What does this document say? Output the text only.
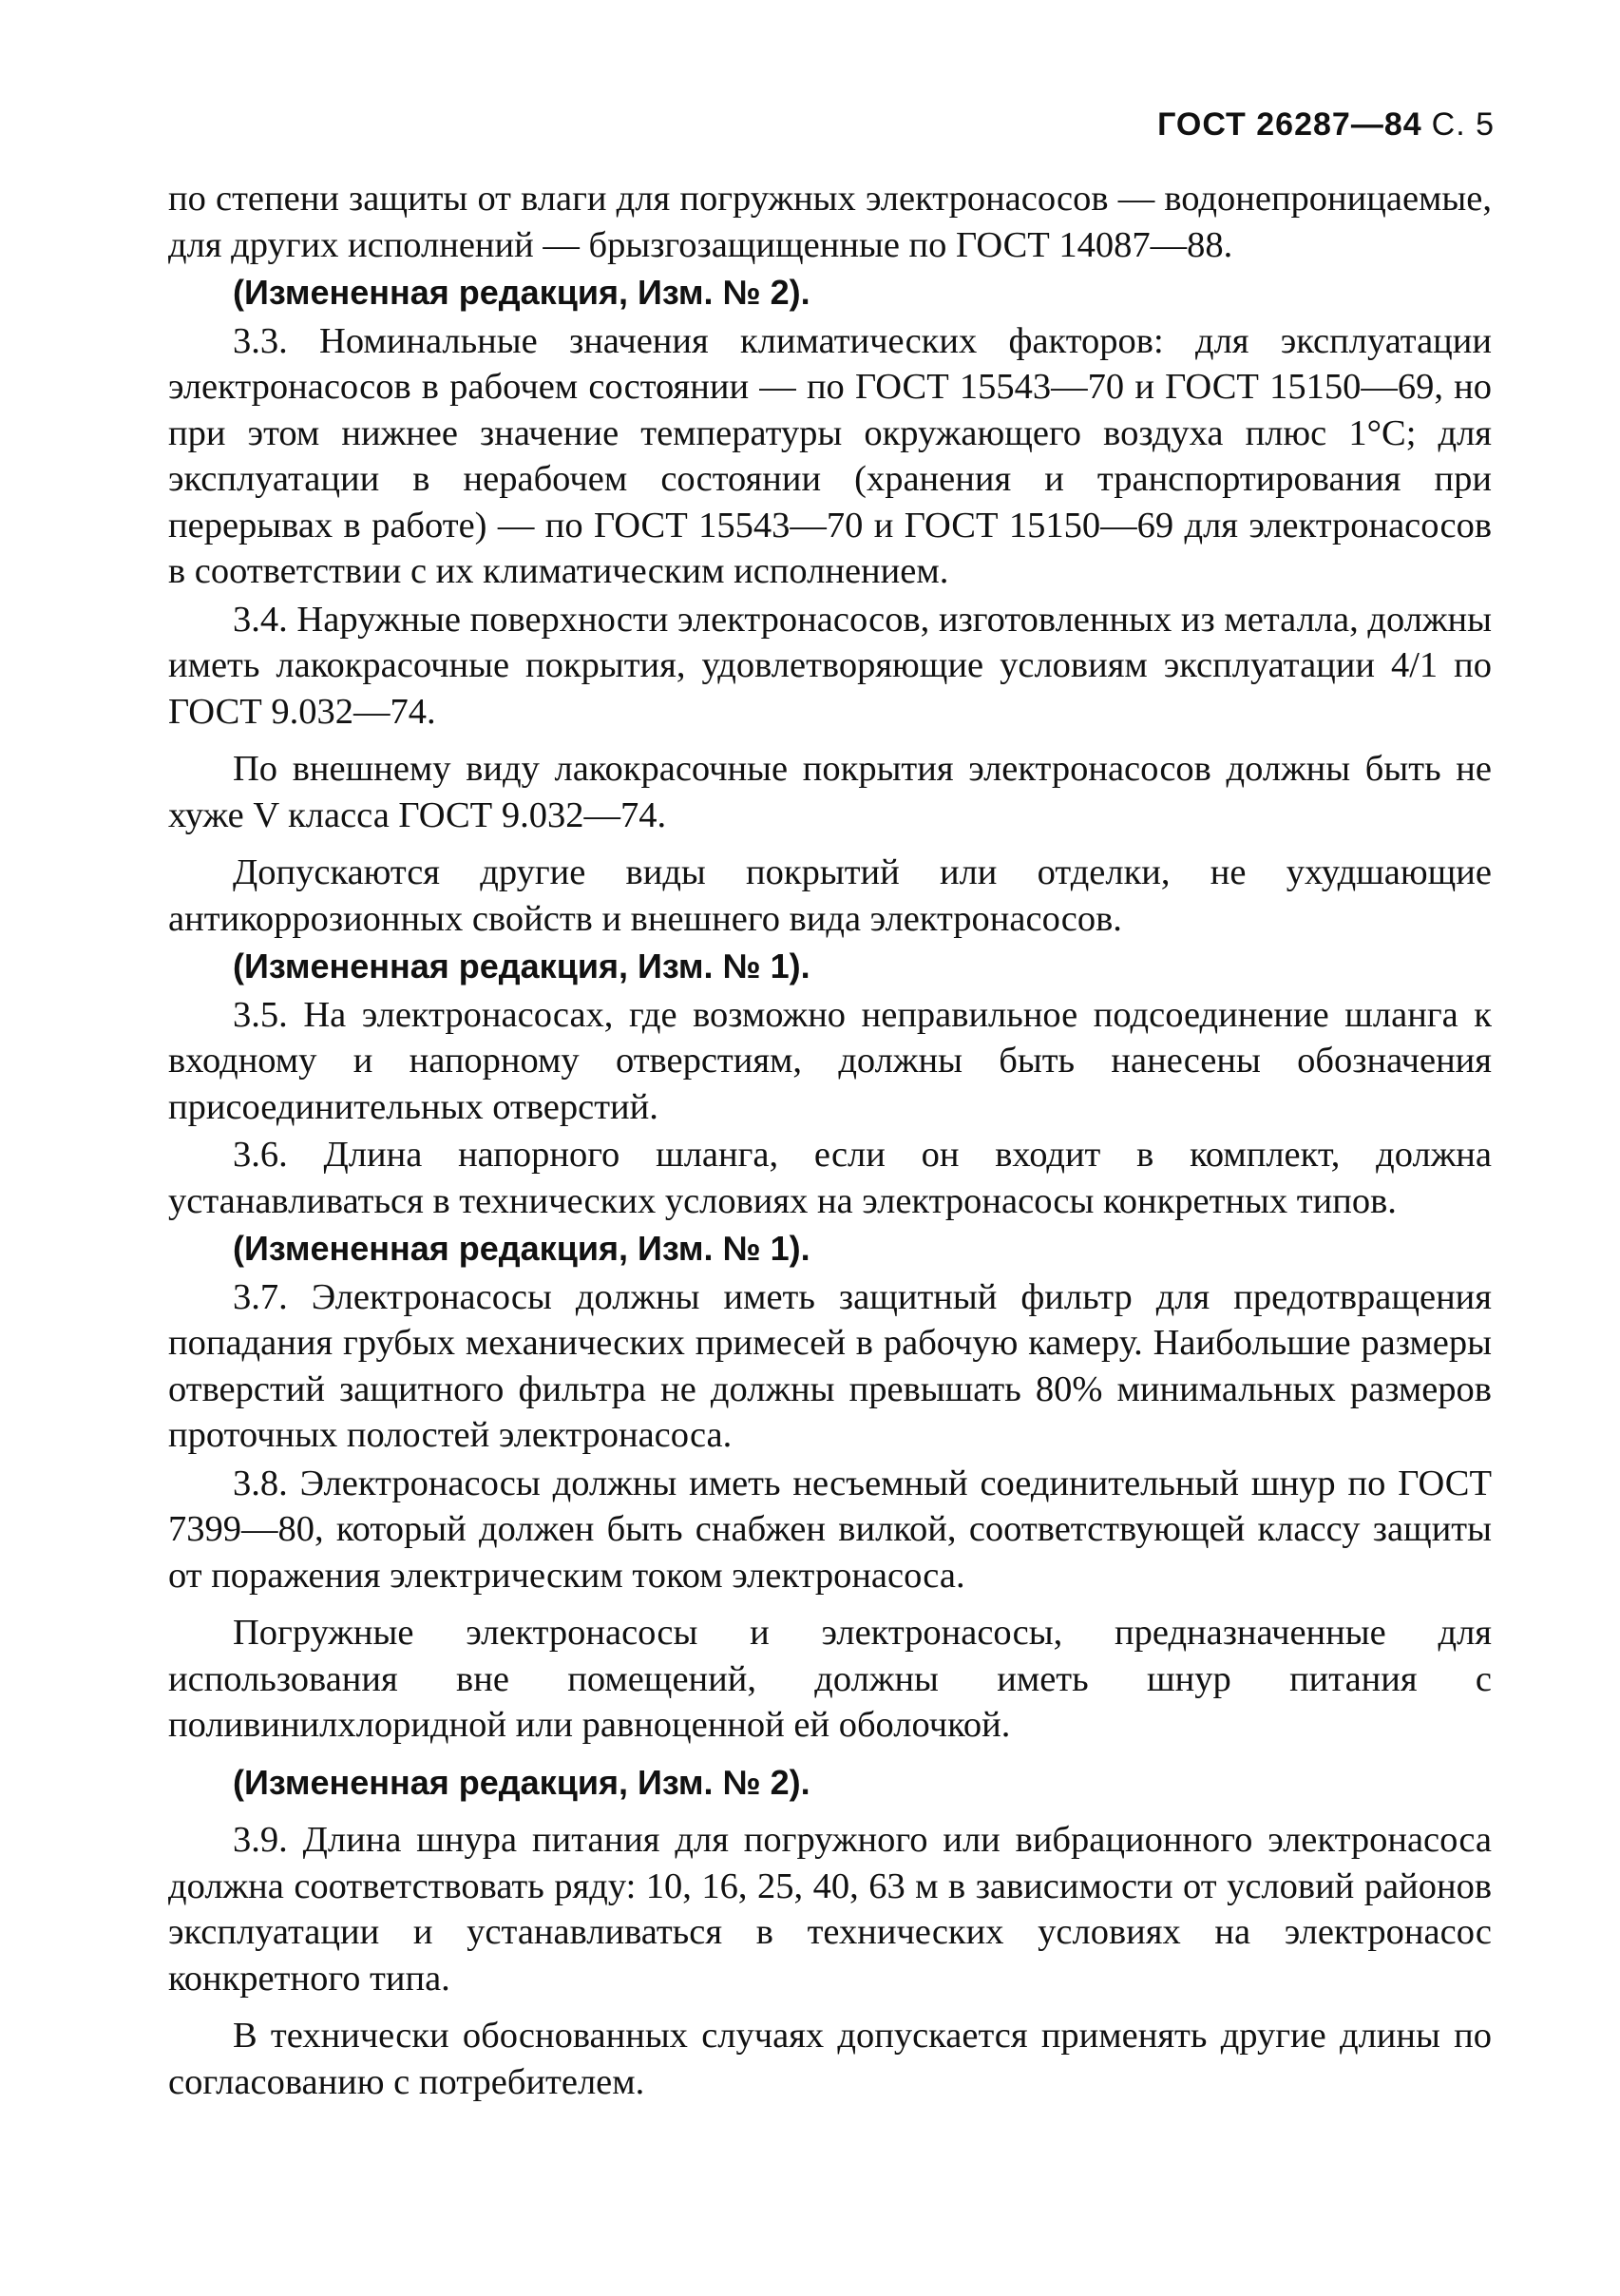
ГОСТ 26287—84 С. 5

по степени защиты от влаги для погружных электронасосов — водонепроницаемые, для других исполнений — брызгозащищенные по ГОСТ 14087—88.

(Измененная редакция, Изм. № 2).

3.3. Номинальные значения климатических факторов: для эксплуатации электронасосов в рабочем состоянии — по ГОСТ 15543—70 и ГОСТ 15150—69, но при этом нижнее значение температуры окружающего воздуха плюс 1°С; для эксплуатации в нерабочем состоянии (хранения и транспортирования при перерывах в работе) — по ГОСТ 15543—70 и ГОСТ 15150—69 для электронасосов в соответствии с их климатическим исполнением.

3.4. Наружные поверхности электронасосов, изготовленных из металла, должны иметь лакокрасочные покрытия, удовлетворяющие условиям эксплуатации 4/1 по ГОСТ 9.032—74.

По внешнему виду лакокрасочные покрытия электронасосов должны быть не хуже V класса ГОСТ 9.032—74.

Допускаются другие виды покрытий или отделки, не ухудшающие антикоррозионных свойств и внешнего вида электронасосов.

(Измененная редакция, Изм. № 1).

3.5. На электронасосах, где возможно неправильное подсоединение шланга к входному и напорному отверстиям, должны быть нанесены обозначения присоединительных отверстий.

3.6. Длина напорного шланга, если он входит в комплект, должна устанавливаться в технических условиях на электронасосы конкретных типов.

(Измененная редакция, Изм. № 1).

3.7. Электронасосы должны иметь защитный фильтр для предотвращения попадания грубых механических примесей в рабочую камеру. Наибольшие размеры отверстий защитного фильтра не должны превышать 80% минимальных размеров проточных полостей электронасоса.

3.8. Электронасосы должны иметь несъемный соединительный шнур по ГОСТ 7399—80, который должен быть снабжен вилкой, соответствующей классу защиты от поражения электрическим током электронасоса.

Погружные электронасосы и электронасосы, предназначенные для использования вне помещений, должны иметь шнур питания с поливинилхлоридной или равноценной ей оболочкой.

(Измененная редакция, Изм. № 2).

3.9. Длина шнура питания для погружного или вибрационного электронасоса должна соответствовать ряду: 10, 16, 25, 40, 63 м в зависимости от условий районов эксплуатации и устанавливаться в технических условиях на электронасос конкретного типа.

В технически обоснованных случаях допускается применять другие длины по согласованию с потребителем.
